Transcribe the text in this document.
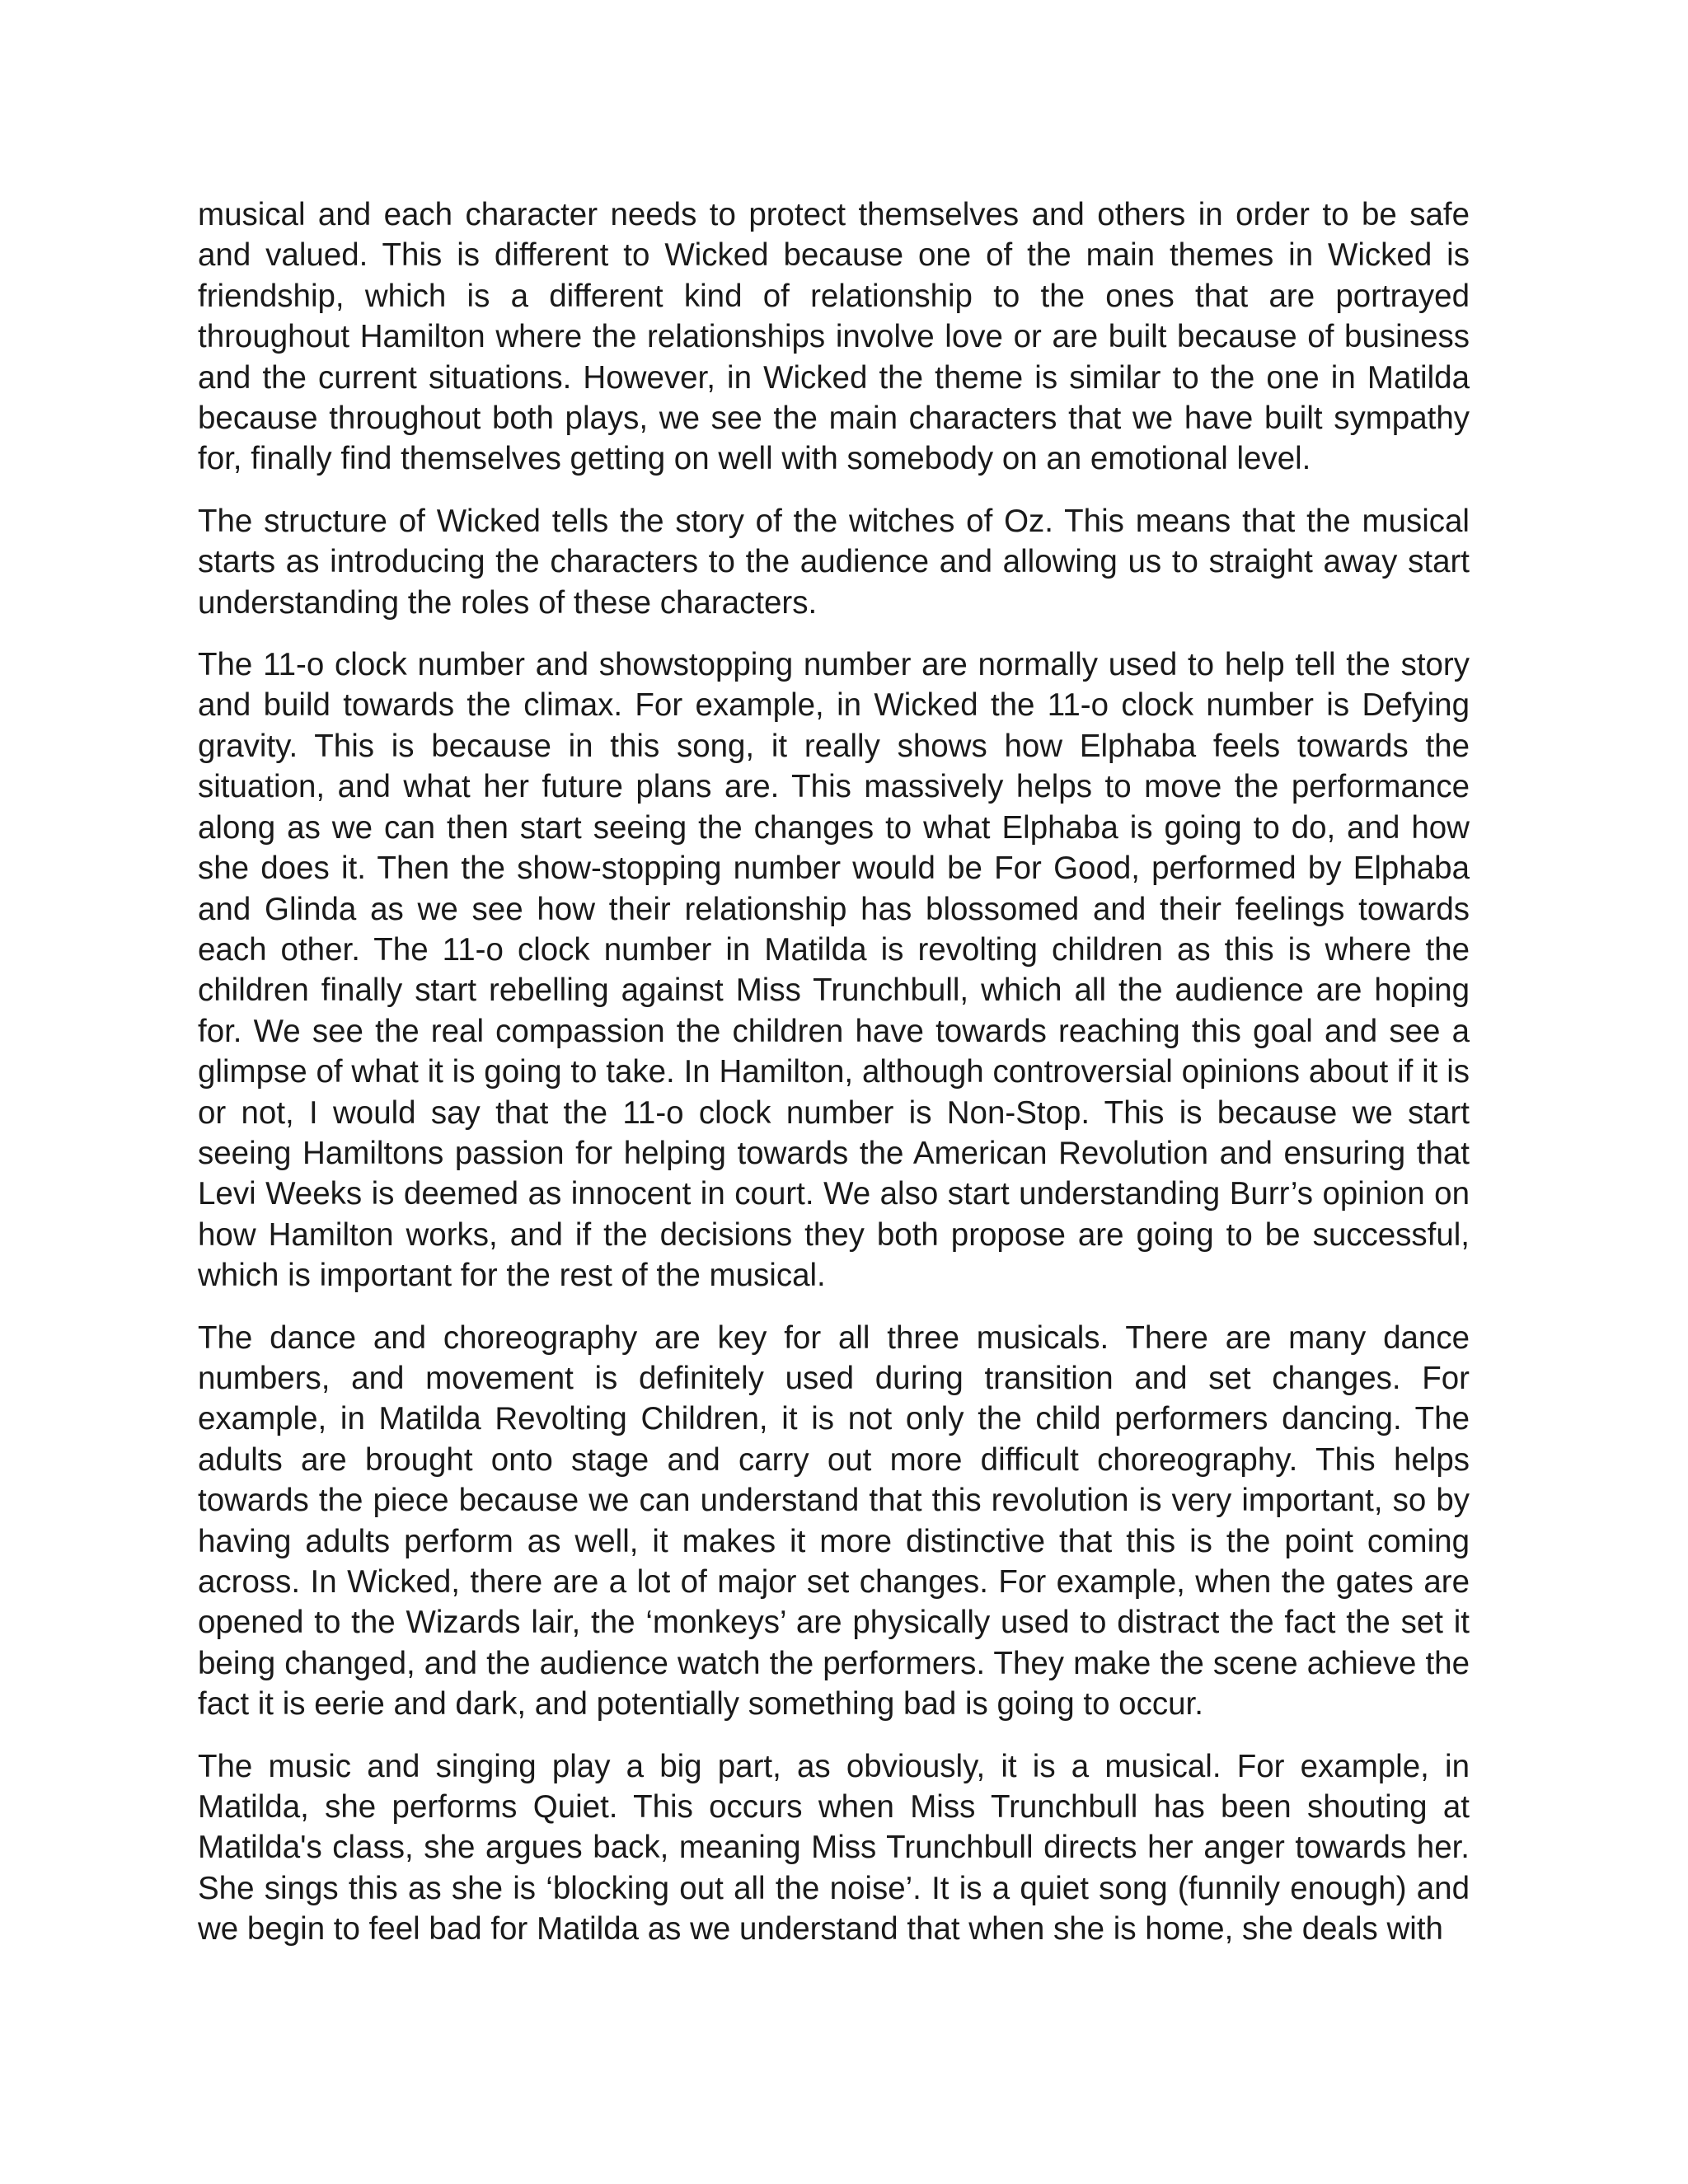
musical and each character needs to protect themselves and others in order to be safe and valued. This is different to Wicked because one of the main themes in Wicked is friendship, which is a different kind of relationship to the ones that are portrayed throughout Hamilton where the relationships involve love or are built because of business and the current situations. However, in Wicked the theme is similar to the one in Matilda because throughout both plays, we see the main characters that we have built sympathy for, finally find themselves getting on well with somebody on an emotional level.

The structure of Wicked tells the story of the witches of Oz. This means that the musical starts as introducing the characters to the audience and allowing us to straight away start understanding the roles of these characters.

The 11-o clock number and showstopping number are normally used to help tell the story and build towards the climax. For example, in Wicked the 11-o clock number is Defying gravity. This is because in this song, it really shows how Elphaba feels towards the situation, and what her future plans are. This massively helps to move the performance along as we can then start seeing the changes to what Elphaba is going to do, and how she does it. Then the show-stopping number would be For Good, performed by Elphaba and Glinda as we see how their relationship has blossomed and their feelings towards each other. The 11-o clock number in Matilda is revolting children as this is where the children finally start rebelling against Miss Trunchbull, which all the audience are hoping for. We see the real compassion the children have towards reaching this goal and see a glimpse of what it is going to take. In Hamilton, although controversial opinions about if it is or not, I would say that the 11-o clock number is Non-Stop. This is because we start seeing Hamiltons passion for helping towards the American Revolution and ensuring that Levi Weeks is deemed as innocent in court. We also start understanding Burr’s opinion on how Hamilton works, and if the decisions they both propose are going to be successful, which is important for the rest of the musical.

The dance and choreography are key for all three musicals. There are many dance numbers, and movement is definitely used during transition and set changes. For example, in Matilda Revolting Children, it is not only the child performers dancing. The adults are brought onto stage and carry out more difficult choreography. This helps towards the piece because we can understand that this revolution is very important, so by having adults perform as well, it makes it more distinctive that this is the point coming across. In Wicked, there are a lot of major set changes. For example, when the gates are opened to the Wizards lair, the ‘monkeys’ are physically used to distract the fact the set it being changed, and the audience watch the performers. They make the scene achieve the fact it is eerie and dark, and potentially something bad is going to occur.

The music and singing play a big part, as obviously, it is a musical. For example, in Matilda, she performs Quiet. This occurs when Miss Trunchbull has been shouting at Matilda's class, she argues back, meaning Miss Trunchbull directs her anger towards her. She sings this as she is ‘blocking out all the noise’. It is a quiet song (funnily enough) and we begin to feel bad for Matilda as we understand that when she is home, she deals with
